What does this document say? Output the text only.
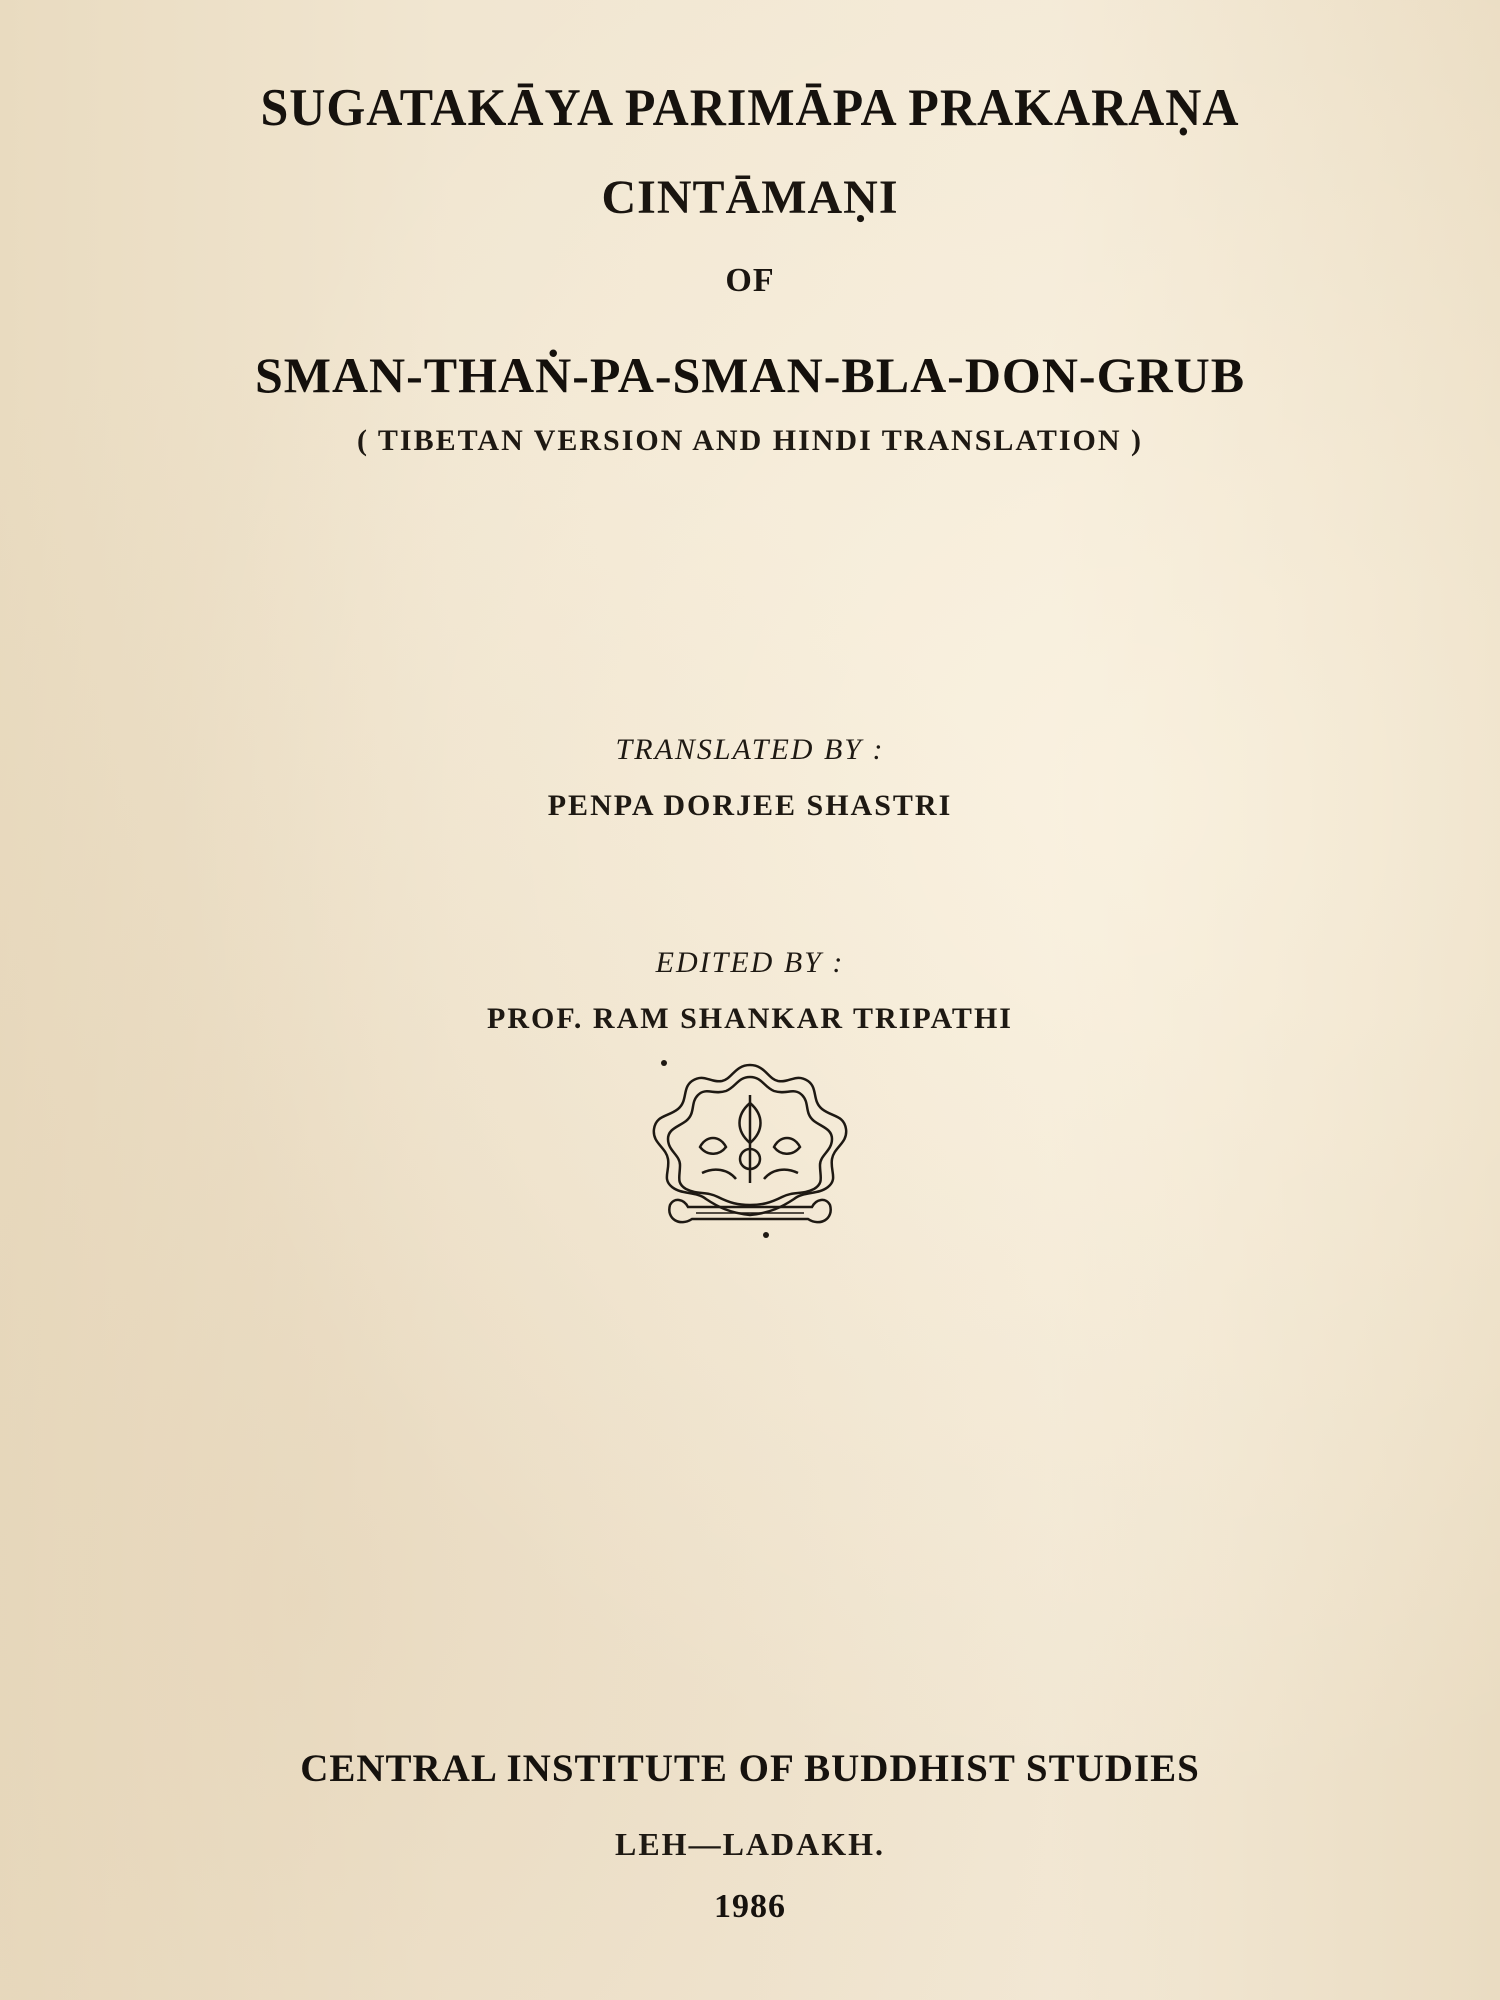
SUGATAKĀYA PARIMĀPA PRAKARAṆA
CINTĀMAṆI
OF
SMAN-THAṄ-PA-SMAN-BLA-DON-GRUB
( TIBETAN VERSION AND HINDI TRANSLATION )
TRANSLATED BY :
PENPA DORJEE SHASTRI
EDITED BY :
PROF. RAM SHANKAR TRIPATHI
CENTRAL INSTITUTE OF BUDDHIST STUDIES
LEH—LADAKH.
1986
